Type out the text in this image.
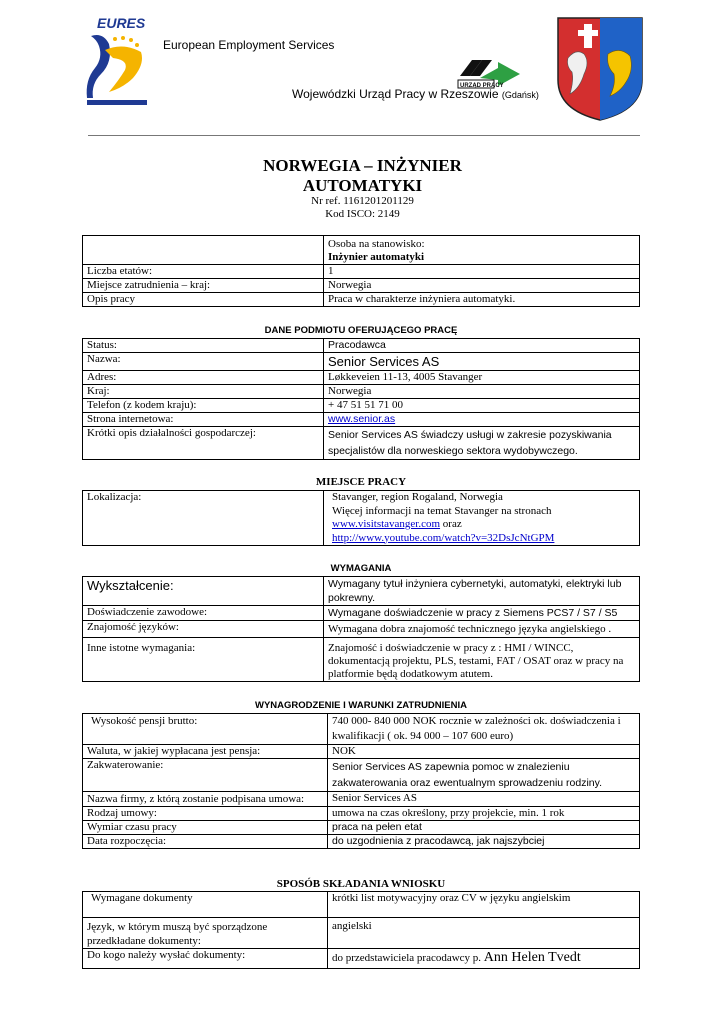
EURES
European Employment Services
URZĄD PRACY
Wojewódzki Urząd Pracy w Rzeszowie (Gdańsk)
NORWEGIA – INŻYNIER
AUTOMATYKI
Nr ref. 1161201201129
Kod ISCO: 2149

	Osoba na stanowisko:
Inżynier automatyki

Liczba etatów:	1
Miejsce zatrudnienia – kraj:	Norwegia
Opis pracy	Praca w charakterze inżyniera automatyki.
DANE PODMIOTU OFERUJĄCEGO PRACĘ
Status:	Pracodawca
Nazwa:	Senior Services AS
Adres:	Løkkeveien 11-13, 4005 Stavanger
Kraj:	Norwegia
Telefon (z kodem kraju):	+ 47 51 51 71 00
Strona internetowa:	www.senior.as
Krótki opis działalności gospodarczej:	Senior Services AS świadczy usługi w zakresie pozyskiwania specjalistów dla norweskiego sektora wydobywczego.
MIEJSCE PRACY
Lokalizacja:	Stavanger, region Rogaland, Norwegia
Więcej informacji na temat Stavanger na stronach
www.visitstavanger.com oraz
http://www.youtube.com/watch?v=32DsJcNtGPM
WYMAGANIA
Wykształcenie:	Wymagany tytuł inżyniera cybernetyki, automatyki, elektryki lub pokrewny.
Doświadczenie zawodowe:	Wymagane doświadczenie w pracy z Siemens PCS7 / S7 / S5
Znajomość języków:	Wymagana dobra znajomość technicznego języka angielskiego .
Inne istotne wymagania:	Znajomość i doświadczenie w pracy z : HMI / WINCC, dokumentacją projektu, PLS, testami, FAT / OSAT oraz w pracy na platformie będą dodatkowym atutem.
WYNAGRODZENIE I WARUNKI ZATRUDNIENIA
Wysokość pensji brutto:	740 000- 840 000 NOK rocznie w zależności ok. doświadczenia i kwalifikacji ( ok. 94 000 – 107 600 euro)
Waluta, w jakiej wypłacana jest pensja:	NOK
Zakwaterowanie:	Senior Services AS zapewnia pomoc w znalezieniu zakwaterowania oraz ewentualnym sprowadzeniu rodziny.
Nazwa firmy, z którą zostanie podpisana umowa:	Senior Services AS
Rodzaj umowy:	umowa na czas określony, przy projekcie, min. 1 rok
Wymiar czasu pracy	praca na pełen etat
Data rozpoczęcia:	do uzgodnienia z pracodawcą, jak najszybciej
SPOSÓB SKŁADANIA WNIOSKU
Wymagane dokumenty	krótki list motywacyjny oraz CV w języku angielskim
Język, w którym muszą być sporządzone przedkładane dokumenty:	angielski
Do kogo należy wysłać dokumenty:	do przedstawiciela pracodawcy p. Ann Helen Tvedt
